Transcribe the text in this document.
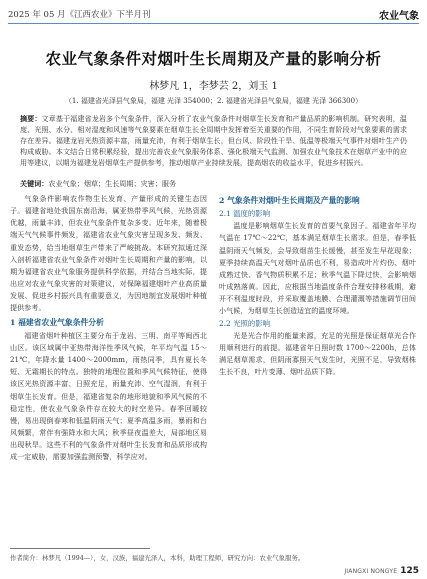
2025 年 05 月《江西农业》下半月刊	农业气象
农业气象条件对烟叶生长周期及产量的影响分析
林梦凡 1，李梦芸 2，刘玉 1
（1. 福建省光泽县气象局，福建 光泽 354000；2. 福建省光泽县气象局，福建 光泽 366300）
摘要：文章基于福建省龙岩多个气象条件，深入分析了农业气象条件对烟草生长发育和产量品质的影响机制。研究表明，温度、光照、水分、相对湿度和风速等气象要素在烟草生长全周期中发挥着至关重要的作用，不同生育阶段对气象要素的需求存在差异。福建龙岩光热资源丰富，雨量充沛，有利于烟草生长，但台风、阶段性干旱、低温等极端天气事件对烟叶生产仍构成威胁。本文结合日常积累经验，提出完善农业气象服务体系、强化极端天气监测、加强农业气象技术在烟草产业中的应用等建议，以期为福建龙岩烟草生产提供参考，推动烟草产业持续发展，提高烟农的收益水平，促进乡村振兴。
关键词：农业气象；烟草；生长周期；灾害；服务

气象条件影响农作物生长发育、产量形成的关键生态因子。福建省地处我国东南沿海，属亚热带季风气候，光热资源优越，雨量丰沛，但农业气象条件复杂多变。近年来，随着极端天气气候事件频发，福建省农业气象灾害呈现多发、频发、重发态势，给当地烟草生产带来了严峻挑战。本研究拟通过深入剖析福建省农业气象条件对烟叶生长周期和产量的影响，以期为福建省农业气象服务提供科学依据，并结合当地实际，提出应对农业气象灾害的对策建议，对保障福建烟叶产业高质量发展、促进乡村振兴具有重要意义，为因地制宜发展烟叶种植提供参考。

1 福建省农业气象条件分析

福建省烟叶种植区主要分布于龙岩、三明、南平等闽西北山区。该区域属中亚热带海洋性季风气候，年平均气温 15～21℃，年降水量 1400～2000mm，雨热同季，具有夏长冬短、无霜期长的特点。独特的地理位置和季风气候特征，使得该区光热资源丰富、日照充足，雨量充沛、空气湿润，有利于烟草生长发育。但是，福建省复杂的地形地貌和季风气候的不稳定性，使农业气象条件存在较大的时空差异。春季回暖较慢，易出现倒春寒和低温阴雨天气；夏季高温多雨，暴雨和台风频繁，常伴有强降水和大风；秋季昼夜温差大，局部地区易出现秋旱。这些不利的气象条件对烟叶生长发育和品质形成构成一定威胁，需要加强监测预警，科学应对。

2 气象条件对烟叶生长周期及产量的影响

2.1 温度的影响

温度是影响烟草生长发育的首要气象因子。福建省年平均气温在 17℃～22℃，基本满足烟草生长需求。但是，春季低温阴雨天气频发，会导致烟苗生长缓慢，甚至发生早花现象；夏季持续高温天气对烟叶品质也不利，易造成叶片灼伤、烟叶成熟过快、香气物质积累不足；秋季气温下降过快，会影响烟叶成熟落黄。因此，应根据当地温度条件合理安排移栽期，避开不利温度时段，并采取覆盖地膜、合理灌溉等措施调节田间小气候，为烟草生长创造适宜的温度环境。

2.2 光照的影响

光是光合作用的能量来源，充足的光照是保证烟草光合作用顺利进行的前提。福建省年日照时数 1700～2200h，总体满足烟草需求，但阴雨寡照天气发生时，光照不足，导致烟株生长不良，叶片变薄、烟叶品质下降。

作者简介：林梦凡（1994—），女，汉族，福建光泽人，本科，助理工程师，研究方向：农业气象服务。
JIANGXI NONGYE 125
